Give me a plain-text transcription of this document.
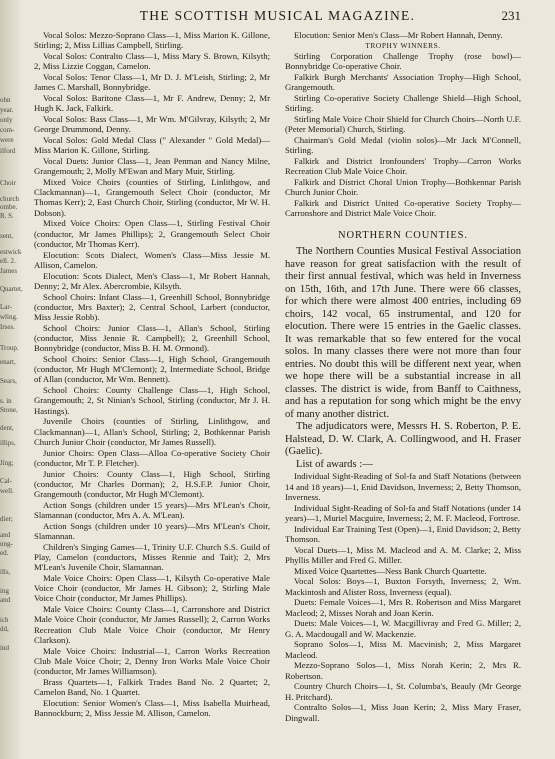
ohn
year.
only
com-
were
ilford
Choir
church
ombe.
R. S.
sent,
estwick
ell. 2.
James
Quartet,
Lar-
wling.
Irses.
Troup.
enart,
Sears,
s. in
Stone,
dent,
illips,
Jing;
Cal-
well.
dier;
and
ung-
ed.
ills,
ing
and
ich
dd,
ind
THE SCOTTISH MUSICAL MAGAZINE.	231

Vocal Solos: Mezzo-Soprano Class—1, Miss Marion K. Gillone, Stirling; 2, Miss Lillias Campbell, Stirling.

Vocal Solos: Contralto Class—1, Miss Mary S. Brown, Kilsyth; 2, Miss Lizzie Coggan, Camelon.

Vocal Solos: Tenor Class—1, Mr D. J. M'Leish, Stirling; 2, Mr James C. Marshall, Bonnybridge.

Vocal Solos: Baritone Class—1, Mr F. Andrew, Denny; 2, Mr Hugh K. Jack, Falkirk.

Vocal Solos: Bass Class—1, Mr Wm. M'Gilvray, Kilsyth; 2, Mr George Drummond, Denny.

Vocal Solos: Gold Medal Class (" Alexander " Gold Medal)—Miss Marion K. Gillone, Stirling.

Vocal Duets: Junior Class—1, Jean Penman and Nancy Milne, Grangemouth; 2, Molly M'Ewan and Mary Muir, Stirling.

Mixed Voice Choirs (counties of Stirling, Linlithgow, and Clackmannan)—1, Grangemouth Select Choir (conductor, Mr Thomas Kerr); 2, East Church Choir, Stirling (conductor, Mr W. H. Dobson).

Mixed Voice Choirs: Open Class—1, Stirling Festival Choir (conductor, Mr James Phillips); 2, Grangemouth Select Choir (conductor, Mr Thomas Kerr).

Elocution: Scots Dialect, Women's Class—Miss Jessie M. Allison, Camelon.

Elocution: Scots Dialect, Men's Class—1, Mr Robert Hannah, Denny; 2, Mr Alex. Abercrombie, Kilsyth.

School Choirs: Infant Class—1, Greenhill School, Bonnybridge (conductor, Mrs Baxter); 2, Central School, Larbert (conductor, Miss Jessie Robb).

School Choirs: Junior Class—1, Allan's School, Stirling (conductor, Miss Jennie R. Campbell); 2, Greenhill School, Bonnybridge (conductor, Miss B. H. M. Ormond).

School Choirs: Senior Class—1, High School, Grangemouth (conductor, Mr Hugh M'Clemont); 2, Intermediate School, Bridge of Allan (conductor, Mr Wm. Bennett).

School Choirs: County Challenge Class—1, High School, Grangemouth; 2, St Ninian's School, Stirling (conductor, Mr J. H. Hastings).

Juvenile Choirs (counties of Stirling, Linlithgow, and Clackmannan)—1, Allan's School, Stirling; 2, Bothkennar Parish Church Junior Choir (conductor, Mr James Russell).

Junior Choirs: Open Class—Alloa Co-operative Society Choir (conductor, Mr T. P. Fletcher).

Junior Choirs: County Class—1, High School, Stirling (conductor, Mr Charles Dorman); 2, H.S.F.P. Junior Choir, Grangemouth (conductor, Mr Hugh M'Clemont).

Action Songs (children under 15 years)—Mrs M'Lean's Choir, Slamannan (conductor, Mrs A. A. M'Lean).

Action Songs (children under 10 years)—Mrs M'Lean's Choir, Slamannan.

Children's Singing Games—1, Trinity U.F. Church S.S. Guild of Play, Camelon (conductors, Misses Rennie and Tait); 2, Mrs M'Lean's Juvenile Choir, Slamannan.

Male Voice Choirs: Open Class—1, Kilsyth Co-operative Male Voice Choir (conductor, Mr James H. Gibson); 2, Stirling Male Voice Choir (conductor, Mr James Phillips).

Male Voice Choirs: County Class—1, Carronshore and District Male Voice Choir (conductor, Mr James Russell); 2, Carron Works Recreation Club Male Voice Choir (conductor, Mr Henry Clarkson).

Male Voice Choirs: Industrial—1, Carron Works Recreation Club Male Voice Choir; 2, Denny Iron Works Male Voice Choir (conductor, Mr James Williamson).

Brass Quartets—1, Falkirk Trades Band No. 2 Quartet; 2, Camelon Band, No. 1 Quartet.

Elocution: Senior Women's Class—1, Miss Isabella Muirhead, Bannockburn; 2, Miss Jessie M. Allison, Camelon.

Elocution: Senior Men's Class—Mr Robert Hannah, Denny.

TROPHY WINNERS.

Stirling Corporation Challenge Trophy (rose bowl)—Bonnybridge Co-operative Choir.

Falkirk Burgh Merchants' Association Trophy—High School, Grangemouth.

Stirling Co-operative Society Challenge Shield—High School, Stirling.

Stirling Male Voice Choir Shield for Church Choirs—North U.F. (Peter Memorial) Church, Stirling.

Chairman's Gold Medal (violin solos)—Mr Jack M'Connell, Stirling.

Falkirk and District Ironfounders' Trophy—Carron Works Recreation Club Male Voice Choir.

Falkirk and District Choral Union Trophy—Bothkennar Parish Church Junior Choir.

Falkirk and District United Co-operative Society Trophy—Carronshore and District Male Voice Choir.

NORTHERN COUNTIES.

The Northern Counties Musical Festival Association have reason for great satisfaction with the result of their first annual festival, which was held in Inverness on 15th, 16th, and 17th June. There were 66 classes, for which there were almost 400 entries, including 69 choirs, 142 vocal, 65 instrumental, and 120 for elocution. There were 15 entries in the Gaelic classes. It was remarkable that so few entered for the vocal solos. In many classes there were not more than four entries. No doubt this will be different next year, when we hope there will be a substantial increase in all classes. The district is wide, from Banff to Caithness, and has a reputation for song which might be the envy of many another district.

The adjudicators were, Messrs H. S. Roberton, P. E. Halstead, D. W. Clark, A. Collingwood, and H. Fraser (Gaelic).

List of awards :—

Individual Sight-Reading of Sol-fa and Staff Notations (between 14 and 18 years)—1, Enid Davidson, Inverness; 2, Betty Thomson, Inverness.

Individual Sight-Reading of Sol-fa and Staff Notations (under 14 years)—1, Muriel Macguire, Inverness; 2, M. F. Macleod, Fortrose.

Individual Ear Training Test (Open)—1, Enid Davidson; 2, Betty Thomson.

Vocal Duets—1, Miss M. Macleod and A. M. Clarke; 2, Miss Phyllis Miller and Fred G. Miller.

Mixed Voice Quartettes—Ness Bank Church Quartette.

Vocal Solos: Boys—1, Buxton Forsyth, Inverness; 2, Wm. Mackintosh and Alister Ross, Inverness (equal).

Duets: Female Voices—1, Mrs R. Robertson and Miss Margaret Macleod; 2, Misses Norah and Joan Kerin.

Duets: Male Voices—1, W. Macgillivray and Fred G. Miller; 2, G. A. Macdougall and W. Mackenzie.

Soprano Solos—1, Miss M. Macvinish; 2, Miss Margaret Macleod.

Mezzo-Soprano Solos—1, Miss Norah Kerin; 2, Mrs R. Robertson.

Country Church Choirs—1, St. Columba's, Beauly (Mr George H. Pritchard).

Contralto Solos—1, Miss Joan Kerin; 2, Miss Mary Fraser, Dingwall.
